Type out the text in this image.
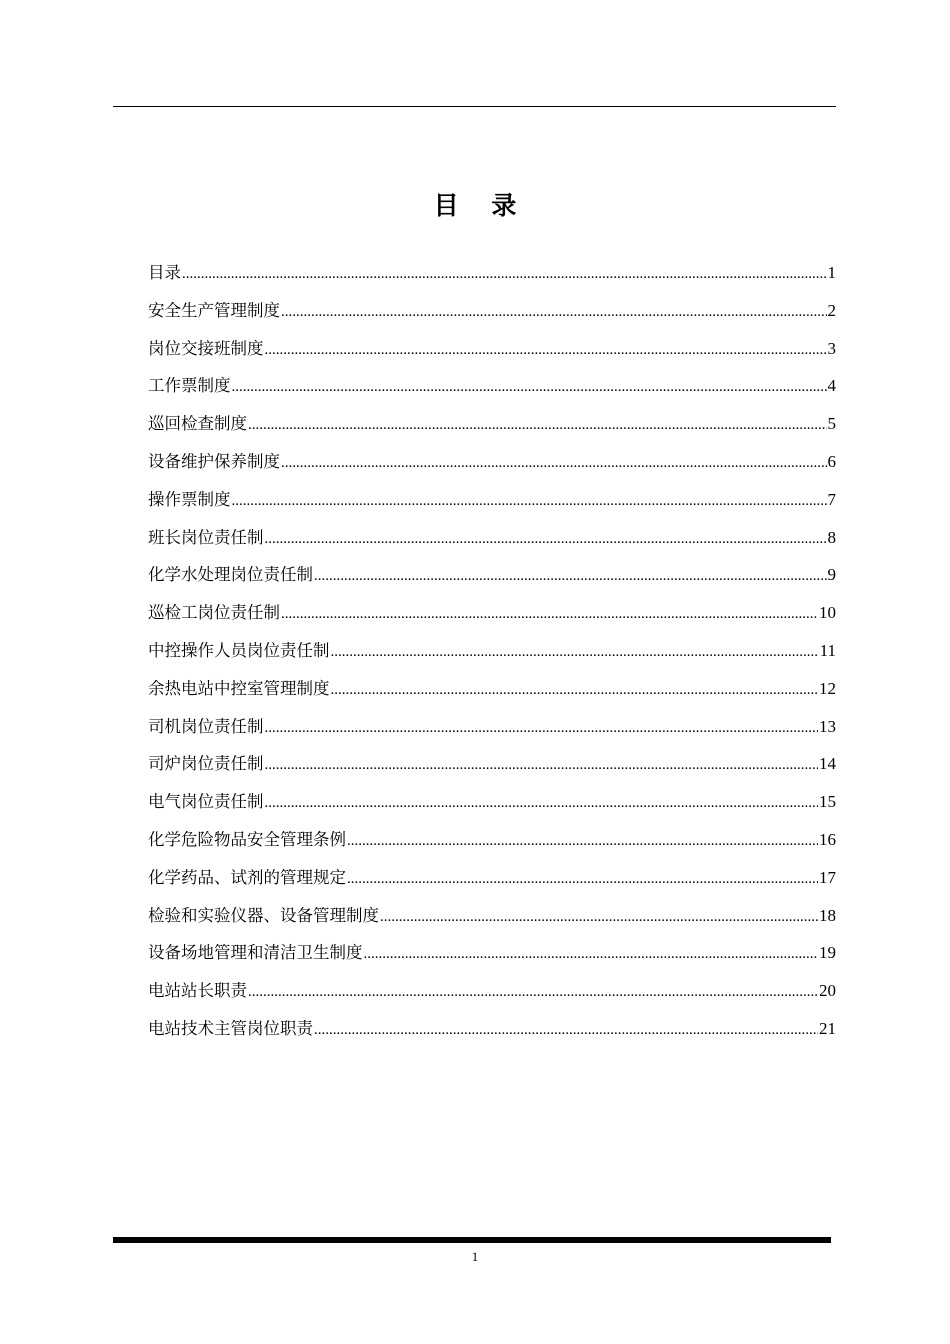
目 录
目录 .....	1
安全生产管理制度 .....	2
岗位交接班制度 .....	3
工作票制度 .....	4
巡回检查制度 .....	5
设备维护保养制度 .....	6
操作票制度 .....	7
班长岗位责任制 .....	8
化学水处理岗位责任制 .....	9
巡检工岗位责任制 .....	10
中控操作人员岗位责任制 .....	11
余热电站中控室管理制度 .....	12
司机岗位责任制 .....	13
司炉岗位责任制 .....	14
电气岗位责任制 .....	15
化学危险物品安全管理条例 .....	16
化学药品、试剂的管理规定 .....	17
检验和实验仪器、设备管理制度 .....	18
设备场地管理和清洁卫生制度 .....	19
电站站长职责 .....	20
电站技术主管岗位职责 .....	21
1
